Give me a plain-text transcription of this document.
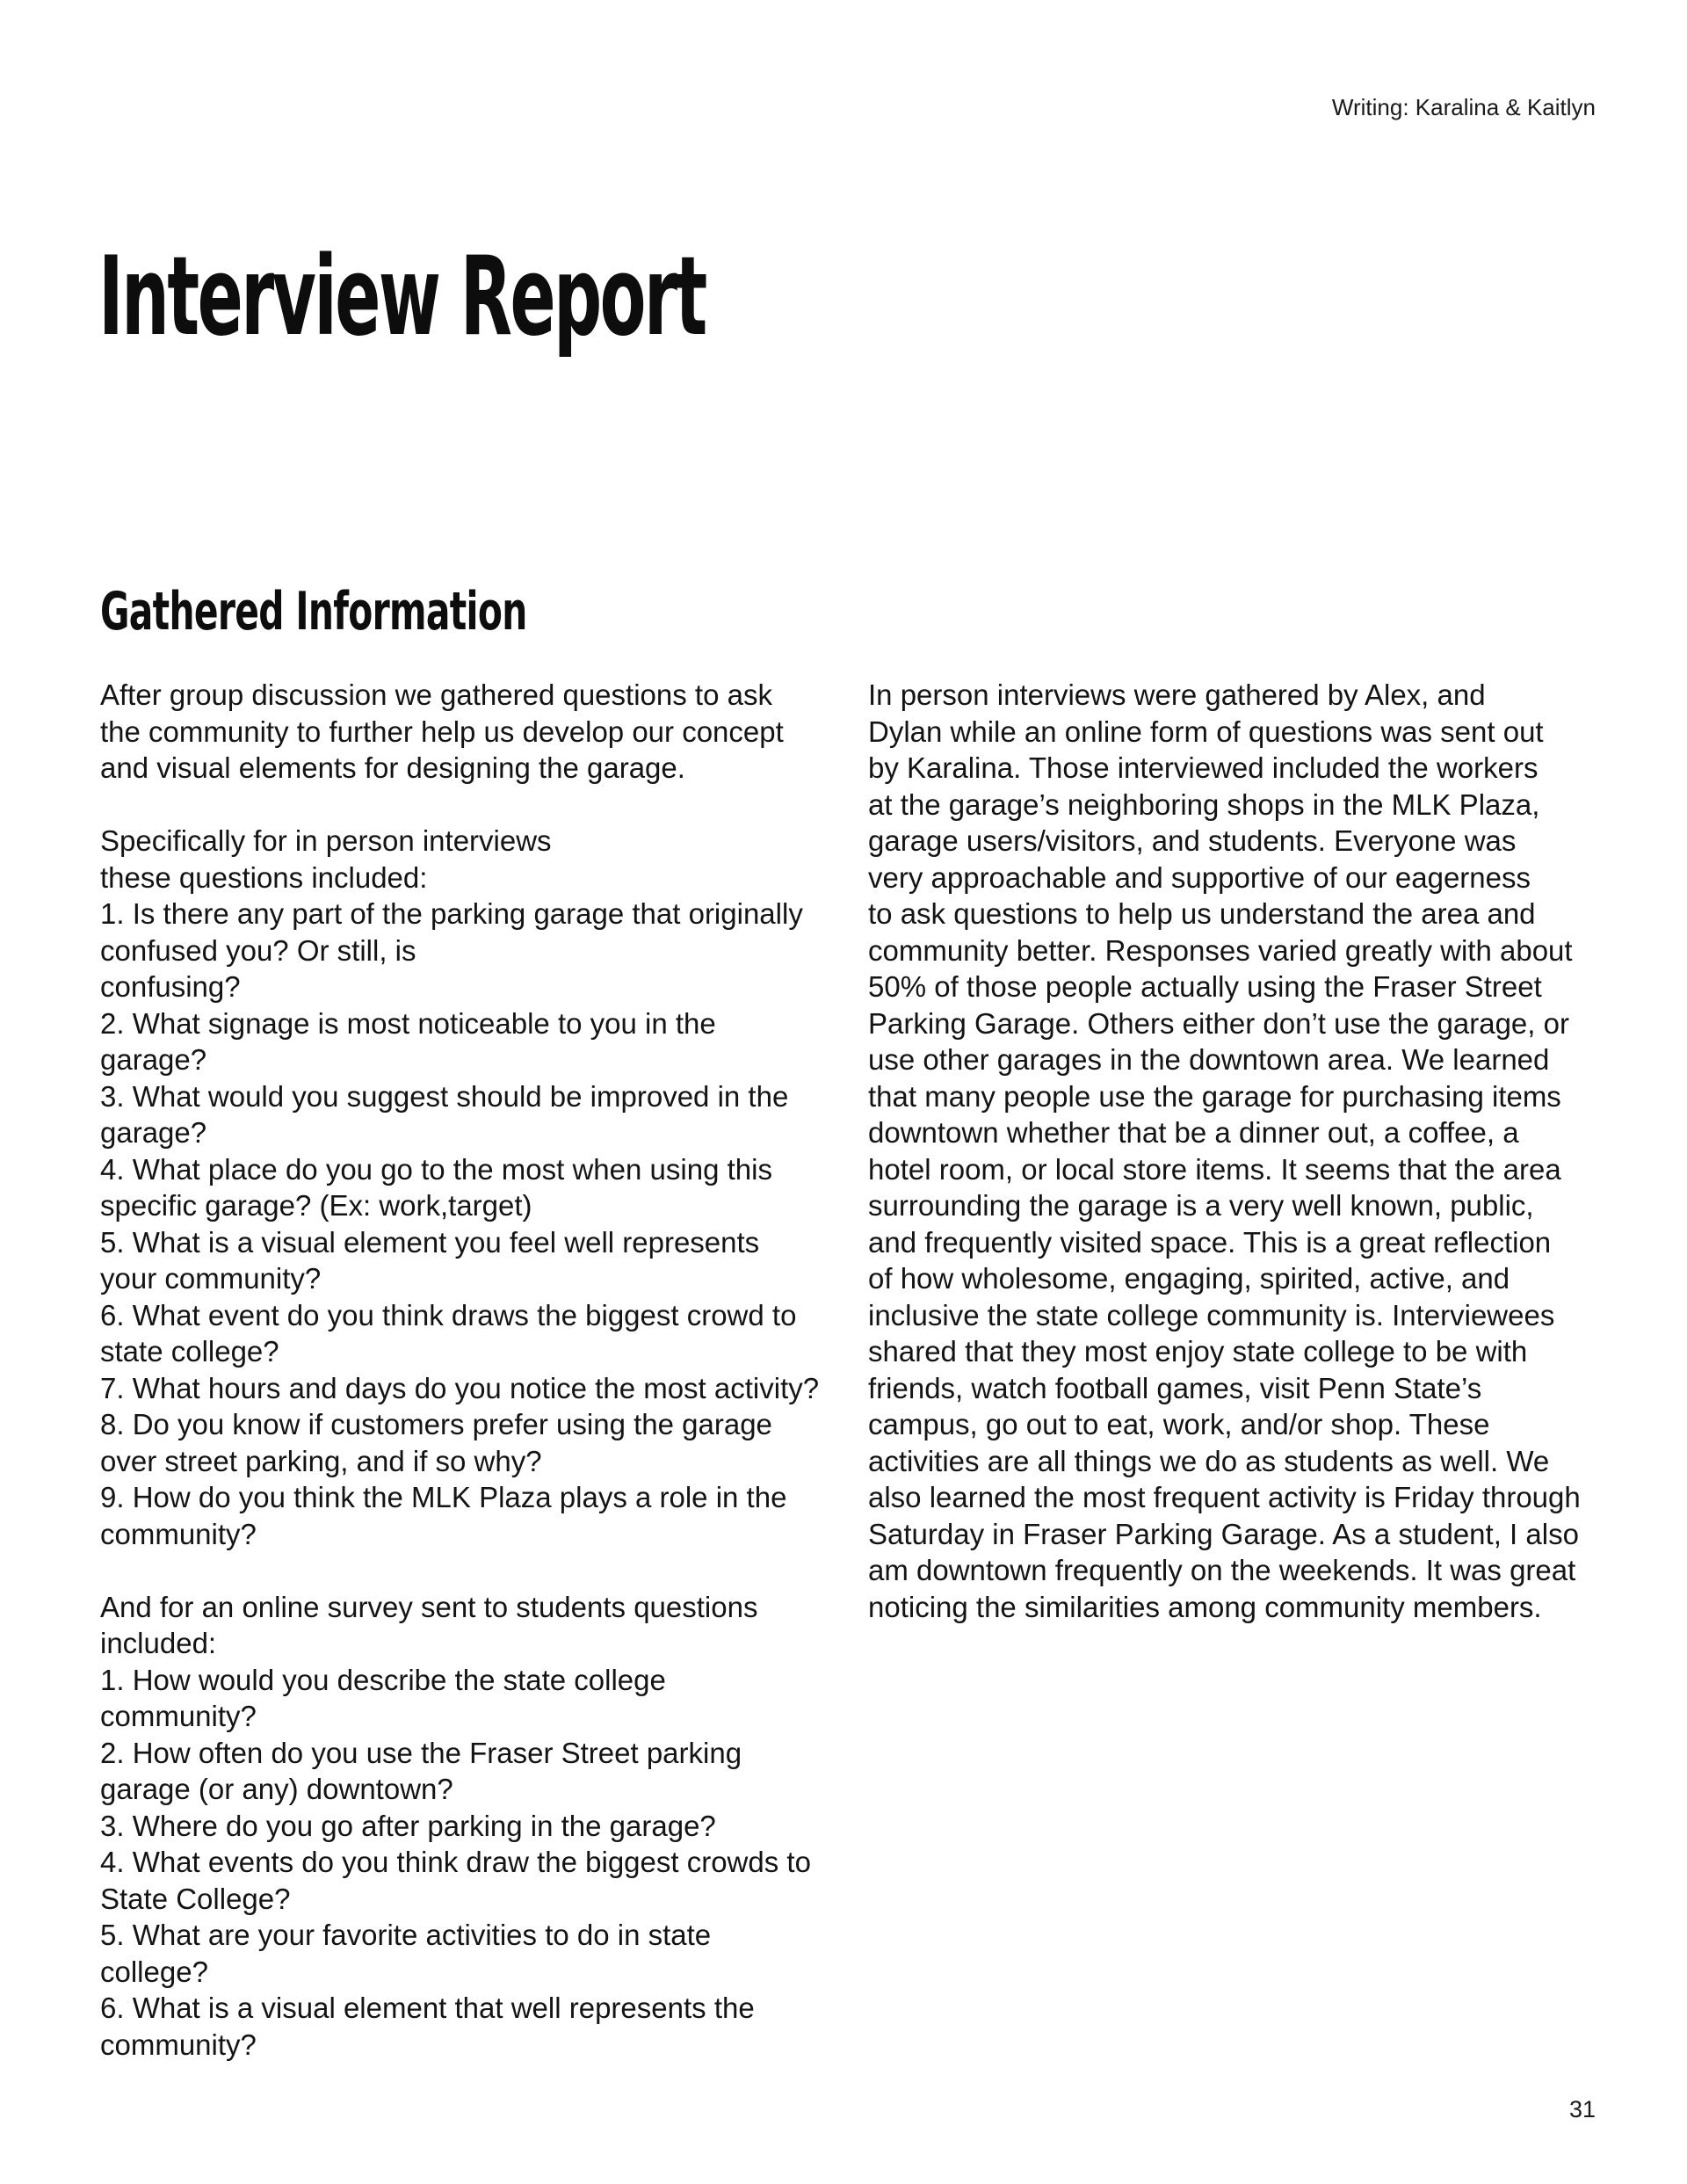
Writing: Karalina & Kaitlyn
Interview Report
Gathered Information
After group discussion we gathered questions to ask
the community to further help us develop our concept
and visual elements for designing the garage.
Specifically for in person interviews
these questions included:
1. Is there any part of the parking garage that originally
confused you? Or still, is
confusing?
2. What signage is most noticeable to you in the
garage?
3. What would you suggest should be improved in the
garage?
4. What place do you go to the most when using this
specific garage? (Ex: work,target)
5. What is a visual element you feel well represents
your community?
6. What event do you think draws the biggest crowd to
state college?
7. What hours and days do you notice the most activity?
8. Do you know if customers prefer using the garage
over street parking, and if so why?
9. How do you think the MLK Plaza plays a role in the
community?
And for an online survey sent to students questions
included:
1. How would you describe the state college
community?
2. How often do you use the Fraser Street parking
garage (or any) downtown?
3. Where do you go after parking in the garage?
4. What events do you think draw the biggest crowds to
State College?
5. What are your favorite activities to do in state
college?
6. What is a visual element that well represents the
community?
In person interviews were gathered by Alex, and
Dylan while an online form of questions was sent out
by Karalina. Those interviewed included the workers
at the garage’s neighboring shops in the MLK Plaza,
garage users/visitors, and students. Everyone was
very approachable and supportive of our eagerness
to ask questions to help us understand the area and
community better. Responses varied greatly with about
50% of those people actually using the Fraser Street
Parking Garage. Others either don’t use the garage, or
use other garages in the downtown area. We learned
that many people use the garage for purchasing items
downtown whether that be a dinner out, a coffee, a
hotel room, or local store items. It seems that the area
surrounding the garage is a very well known, public,
and frequently visited space. This is a great reflection
of how wholesome, engaging, spirited, active, and
inclusive the state college community is. Interviewees
shared that they most enjoy state college to be with
friends, watch football games, visit Penn State’s
campus, go out to eat, work, and/or shop. These
activities are all things we do as students as well. We
also learned the most frequent activity is Friday through
Saturday in Fraser Parking Garage. As a student, I also
am downtown frequently on the weekends. It was great
noticing the similarities among community members.
31
